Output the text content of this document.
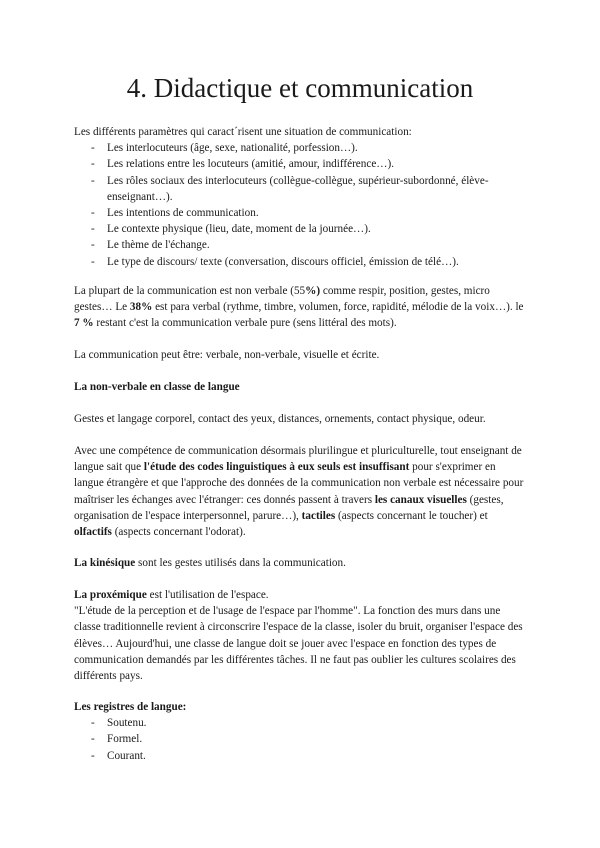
4. Didactique et communication

Les différents paramètres qui caract´risent une situation de communication:

- Les interlocuteurs (âge, sexe, nationalité, porfession…).
- Les relations entre les locuteurs (amitié, amour, indifférence…).
- Les rôles sociaux des interlocuteurs (collègue-collègue, supérieur-subordonné, élève-enseignant…).
- Les intentions de communication.
- Le contexte physique (lieu, date, moment de la journée…).
- Le thème de l'échange.
- Le type de discours/ texte (conversation, discours officiel, émission de télé…).

La plupart de la communication est non verbale (55%) comme respir, position, gestes, micro gestes… Le 38% est para verbal (rythme, timbre, volumen, force, rapidité, mélodie de la voix…). le 7 % restant c'est la communication verbale pure (sens littéral des mots).

La communication peut être: verbale, non-verbale, visuelle et écrite.

La non-verbale en classe de langue

Gestes et langage corporel, contact des yeux, distances, ornements, contact physique, odeur.

Avec une compétence de communication désormais plurilingue et pluriculturelle, tout enseignant de langue sait que l'étude des codes linguistiques à eux seuls est insuffisant pour s'exprimer en langue étrangère et que l'approche des données de la communication non verbale est nécessaire pour maîtriser les échanges avec l'étranger: ces donnés passent à travers les canaux visuelles (gestes, organisation de l'espace interpersonnel, parure…), tactiles (aspects concernant le toucher) et olfactifs (aspects concernant l'odorat).

La kinésique sont les gestes utilisés dans la communication.

La proxémique est l'utilisation de l'espace.

"L'étude de la perception et de l'usage de l'espace par l'homme". La fonction des murs dans une classe traditionnelle revient à circonscrire l'espace de la classe, isoler du bruit, organiser l'espace des élèves… Aujourd'hui, une classe de langue doit se jouer avec l'espace en fonction des types de communication demandés par les différentes tâches. Il ne faut pas oublier les cultures scolaires des différents pays.

Les registres de langue:

- Soutenu.
- Formel.
- Courant.
